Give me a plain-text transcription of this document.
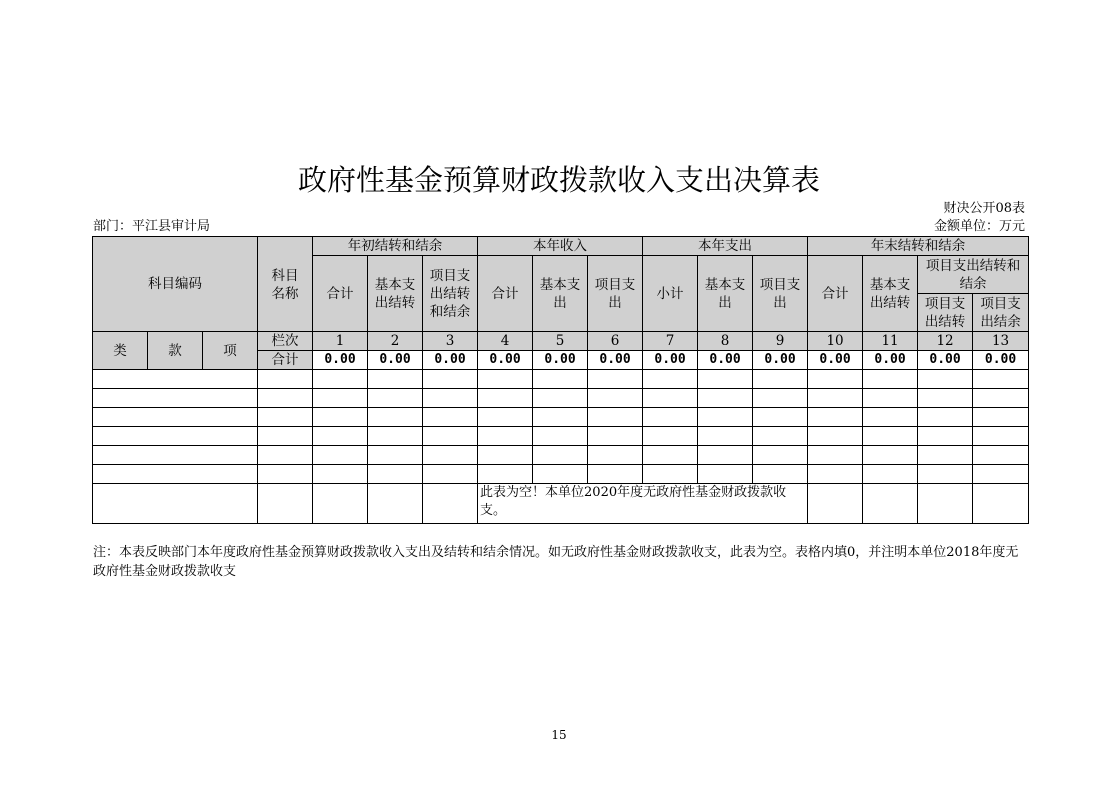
政府性基金预算财政拨款收入支出决算表
财决公开08表
部门：平江县审计局	金额单位：万元
科目编码			科目名称	年初结转和结余			本年收入			本年支出			年末结转和结余			
				合计	基本支出结转	项目支出结转和结余	合计	基本支出	项目支出	小计	基本支出	项目支出	合计	基本支出结转	项目支出结转和结余	
															项目支出结转	项目支出结余
类	款	项	栏次	1	2	3	4	5	6	7	8	9	10	11	12	13
			合计	0.00	0.00	0.00	0.00	0.00	0.00	0.00	0.00	0.00	0.00	0.00	0.00	0.00

							此表为空！本单位2020年度无政府性基金财政拨款收支。									
注：本表反映部门本年度政府性基金预算财政拨款收入支出及结转和结余情况。如无政府性基金财政拨款收支，此表为空。表格内填0，并注明本单位2018年度无政府性基金财政拨款收支
15
